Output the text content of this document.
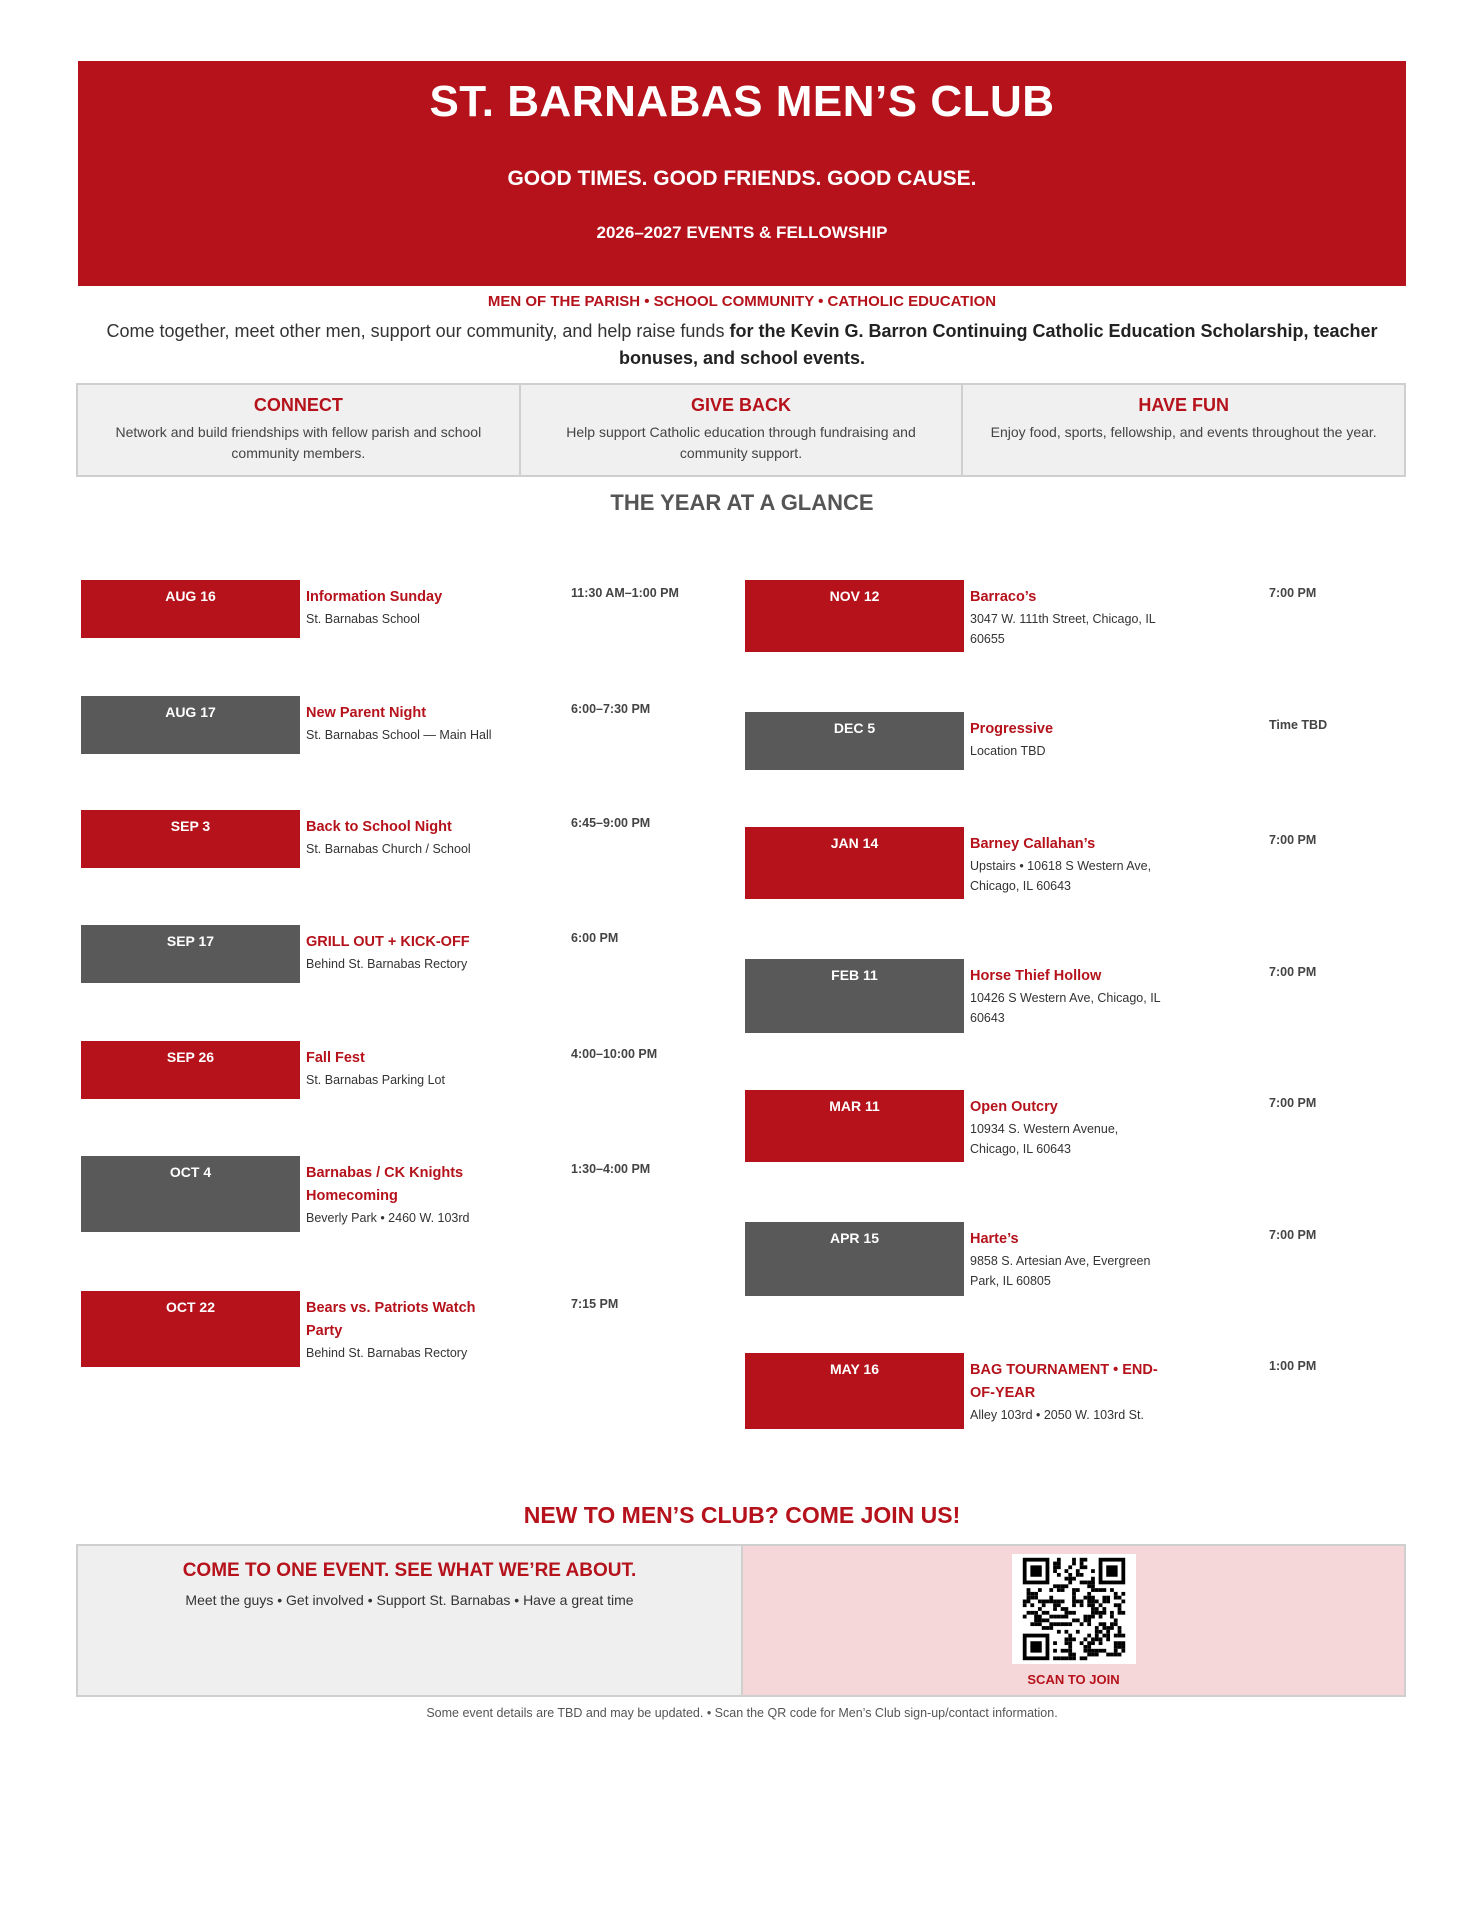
ST. BARNABAS MEN’S CLUB
GOOD TIMES. GOOD FRIENDS. GOOD CAUSE.
2026–2027 EVENTS & FELLOWSHIP
MEN OF THE PARISH • SCHOOL COMMUNITY • CATHOLIC EDUCATION
Come together, meet other men, support our community, and help raise funds for the Kevin G. Barron Continuing Catholic Education Scholarship, teacher bonuses, and school events.
CONNECT
Network and build friendships with fellow parish and school community members.
GIVE BACK
Help support Catholic education through fundraising and community support.
HAVE FUN
Enjoy food, sports, fellowship, and events throughout the year.
THE YEAR AT A GLANCE
AUG 16	Information Sunday
St. Barnabas School
11:30 AM–1:00 PM
AUG 17	New Parent Night
St. Barnabas School — Main Hall
6:00–7:30 PM
SEP 3	Back to School Night
St. Barnabas Church / School
6:45–9:00 PM
SEP 17	GRILL OUT + KICK-OFF
Behind St. Barnabas Rectory
6:00 PM
SEP 26	Fall Fest
St. Barnabas Parking Lot
4:00–10:00 PM
OCT 4	Barnabas / CK Knights Homecoming
Beverly Park • 2460 W. 103rd
1:30–4:00 PM
OCT 22	Bears vs. Patriots Watch Party
Behind St. Barnabas Rectory
7:15 PM
NOV 12	Barraco’s
3047 W. 111th Street, Chicago, IL 60655
7:00 PM
DEC 5	Progressive
Location TBD
Time TBD
JAN 14	Barney Callahan’s
Upstairs • 10618 S Western Ave, Chicago, IL 60643
7:00 PM
FEB 11	Horse Thief Hollow
10426 S Western Ave, Chicago, IL 60643
7:00 PM
MAR 11	Open Outcry
10934 S. Western Avenue, Chicago, IL 60643
7:00 PM
APR 15	Harte’s
9858 S. Artesian Ave, Evergreen Park, IL 60805
7:00 PM
MAY 16	BAG TOURNAMENT • END-OF-YEAR
Alley 103rd • 2050 W. 103rd St.
1:00 PM
NEW TO MEN’S CLUB? COME JOIN US!
COME TO ONE EVENT. SEE WHAT WE’RE ABOUT.
Meet the guys • Get involved • Support St. Barnabas • Have a great time
SCAN TO JOIN
Some event details are TBD and may be updated. • Scan the QR code for Men’s Club sign-up/contact information.
